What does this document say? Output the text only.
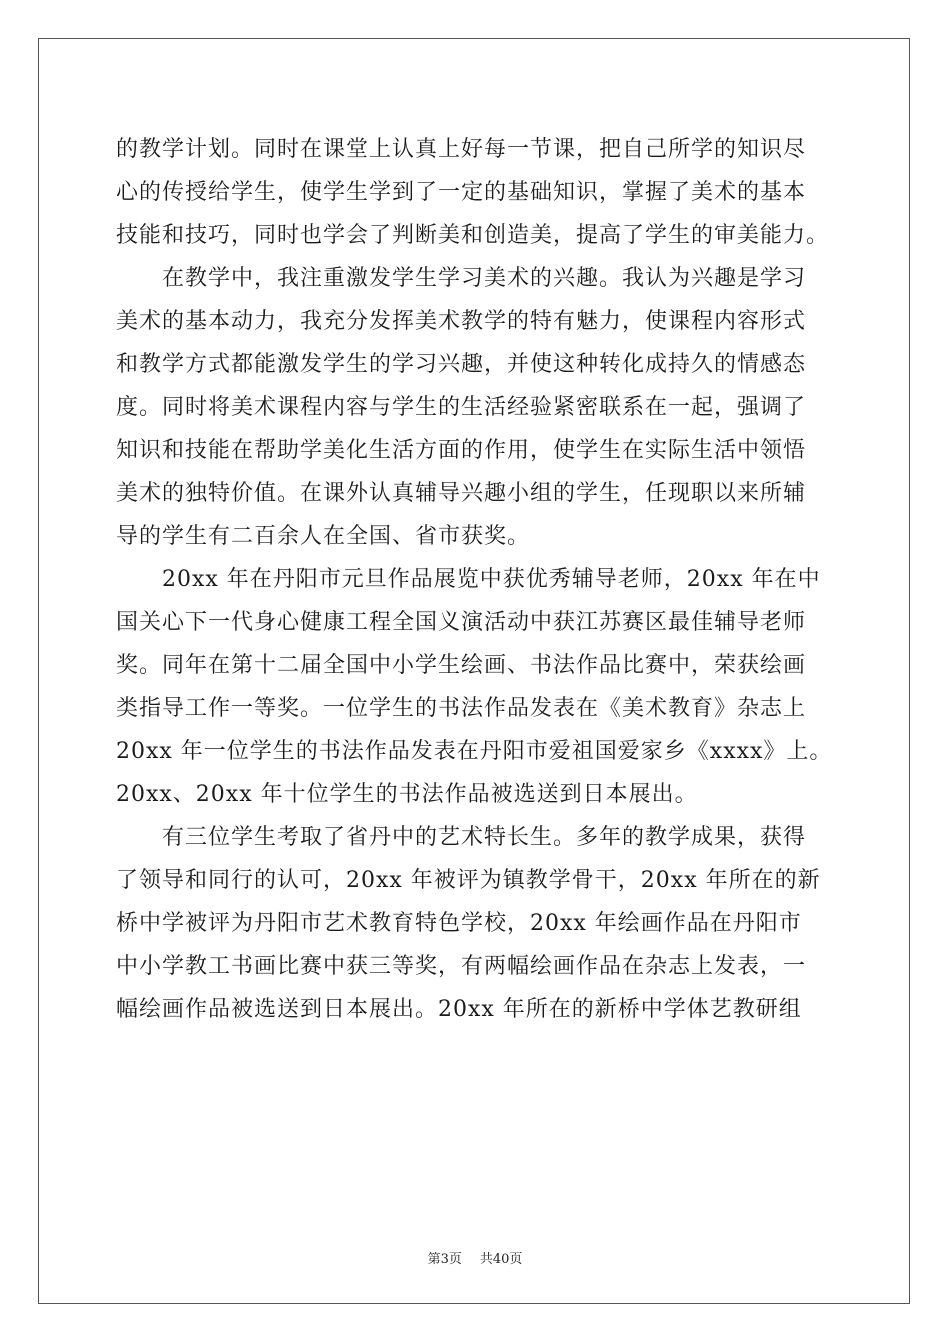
的教学计划。同时在课堂上认真上好每一节课，把自己所学的知识尽
心的传授给学生，使学生学到了一定的基础知识，掌握了美术的基本
技能和技巧，同时也学会了判断美和创造美，提高了学生的审美能力。

在教学中，我注重激发学生学习美术的兴趣。我认为兴趣是学习
美术的基本动力，我充分发挥美术教学的特有魅力，使课程内容形式
和教学方式都能激发学生的学习兴趣，并使这种转化成持久的情感态
度。同时将美术课程内容与学生的生活经验紧密联系在一起，强调了
知识和技能在帮助学美化生活方面的作用，使学生在实际生活中领悟
美术的独特价值。在课外认真辅导兴趣小组的学生，任现职以来所辅
导的学生有二百余人在全国、省市获奖。

20xx 年在丹阳市元旦作品展览中获优秀辅导老师，20xx 年在中
国关心下一代身心健康工程全国义演活动中获江苏赛区最佳辅导老师
奖。同年在第十二届全国中小学生绘画、书法作品比赛中，荣获绘画
类指导工作一等奖。一位学生的书法作品发表在《美术教育》杂志上
20xx 年一位学生的书法作品发表在丹阳市爱祖国爱家乡《xxxx》上。
20xx、20xx 年十位学生的书法作品被选送到日本展出。

有三位学生考取了省丹中的艺术特长生。多年的教学成果，获得
了领导和同行的认可，20xx 年被评为镇教学骨干，20xx 年所在的新
桥中学被评为丹阳市艺术教育特色学校，20xx 年绘画作品在丹阳市
中小学教工书画比赛中获三等奖，有两幅绘画作品在杂志上发表，一
幅绘画作品被选送到日本展出。20xx 年所在的新桥中学体艺教研组

第3页 共40页
